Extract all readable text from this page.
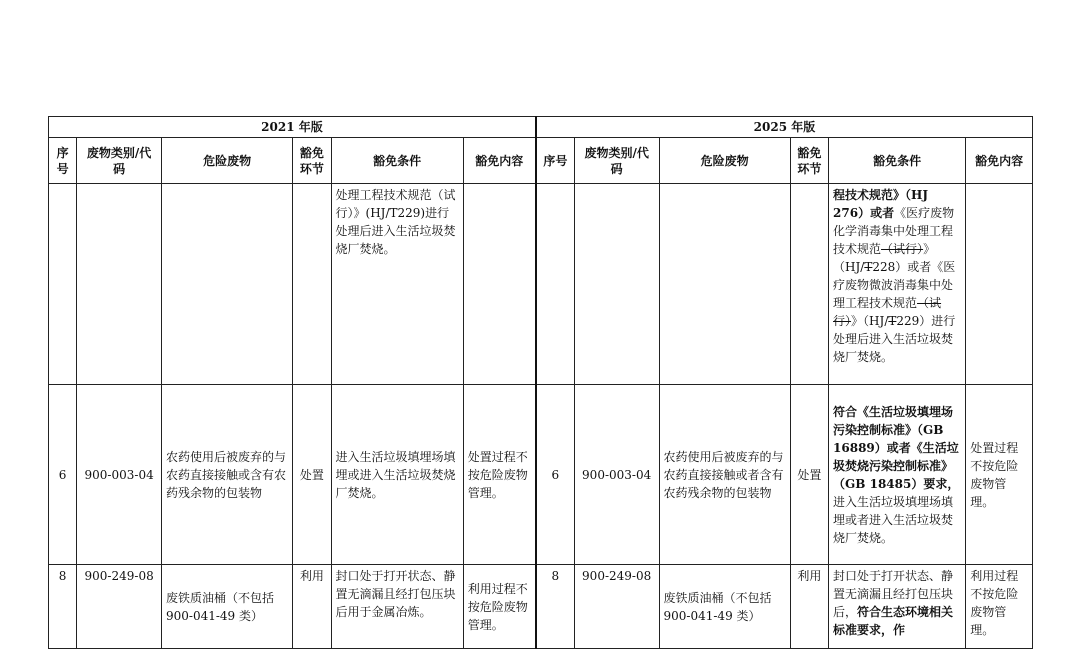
2021 年版						2025 年版					
序号	废物类别/代码	危险废物	豁免环节	豁免条件	豁免内容	序号	废物类别/代码	危险废物	豁免环节	豁免条件	豁免内容
				处理工程技术规范（试行）》(HJ/T229)进行处理后进入生活垃圾焚烧厂焚烧。						程技术规范》（HJ 276）或者《医疗废物化学消毒集中处理工程技术规范（试行）》（HJ/T228）或者《医疗废物微波消毒集中处理工程技术规范（试行）》（HJ/T229）进行处理后进入生活垃圾焚烧厂焚烧。	
6	900-003-04	农药使用后被废弃的与农药直接接触或含有农药残余物的包装物	处置	进入生活垃圾填埋场填埋或进入生活垃圾焚烧厂焚烧。	处置过程不按危险废物管理。	6	900-003-04	农药使用后被废弃的与农药直接接触或者含有农药残余物的包装物	处置	符合《生活垃圾填埋场污染控制标准》（GB 16889）或者《生活垃圾焚烧污染控制标准》（GB 18485）要求，进入生活垃圾填埋场填埋或者进入生活垃圾焚烧厂焚烧。	处置过程不按危险废物管理。
8	900-249-08	废铁质油桶（不包括 900-041-49 类）	利用	封口处于打开状态、静置无滴漏且经打包压块后用于金属冶炼。	利用过程不按危险废物管理。	8	900-249-08	废铁质油桶（不包括 900-041-49 类）	利用	封口处于打开状态、静置无滴漏且经打包压块后，符合生态环境相关标准要求，作	利用过程不按危险废物管理。
